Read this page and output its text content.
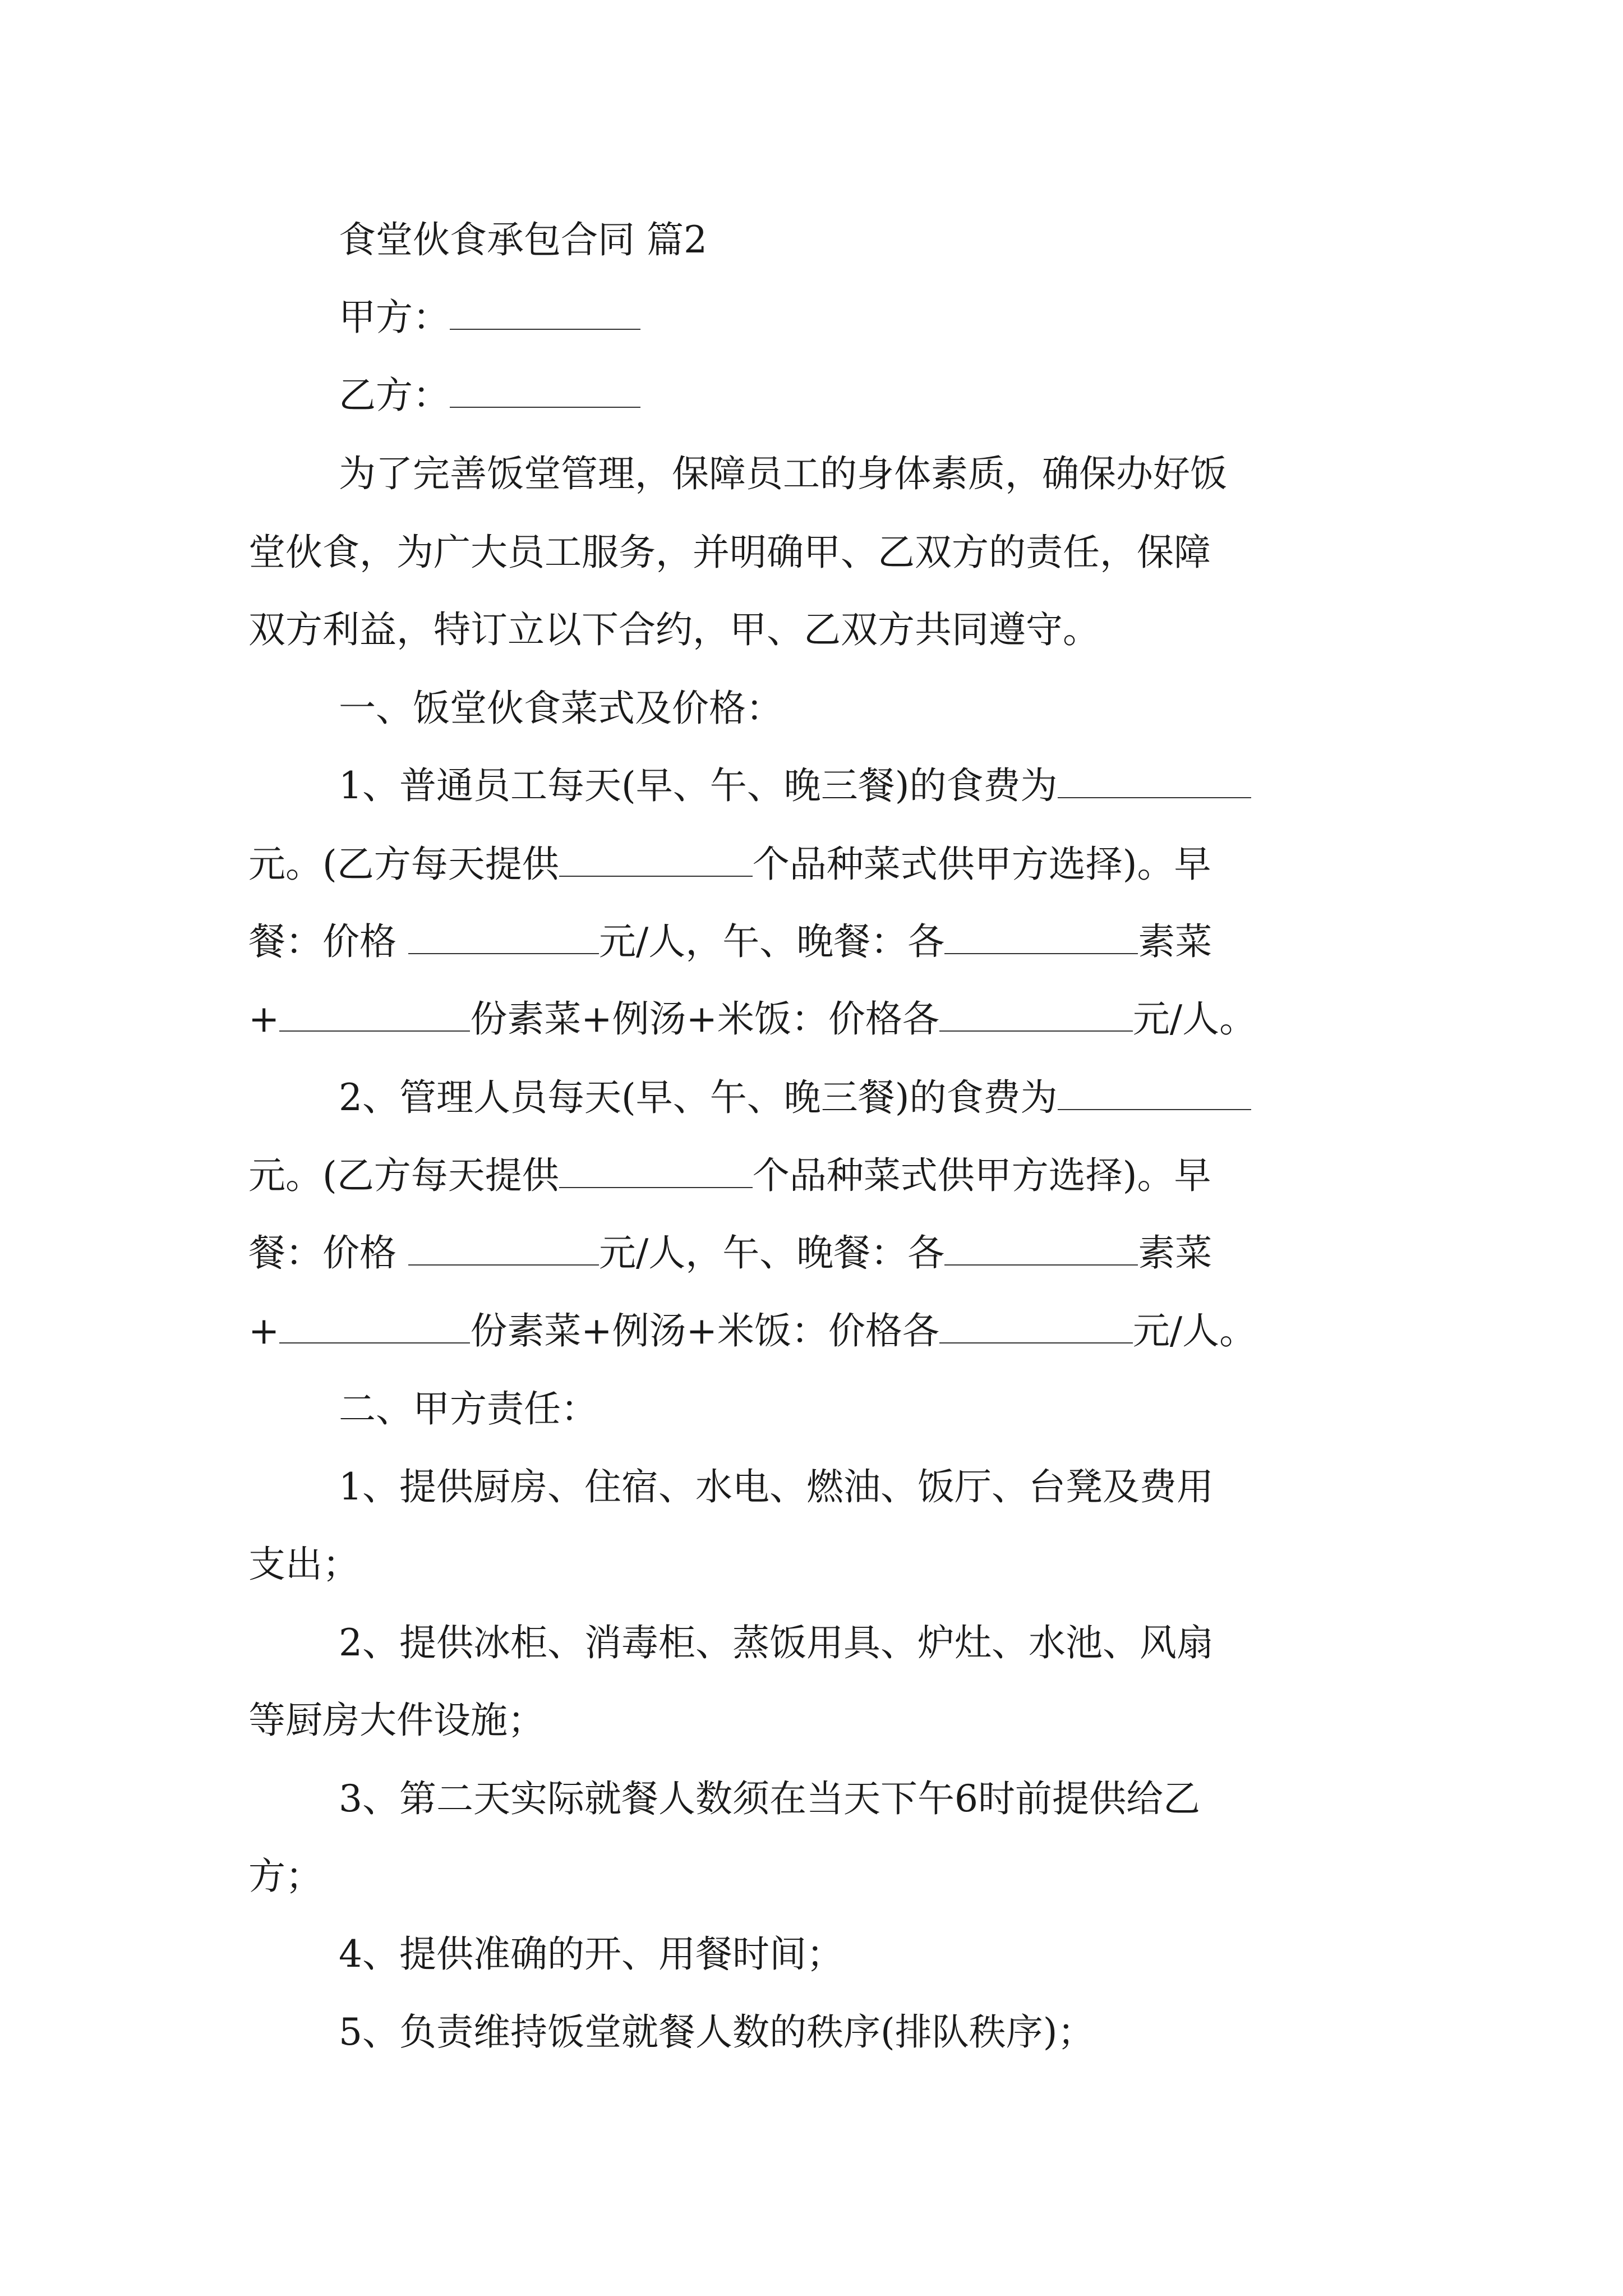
食堂伙食承包合同 篇2

甲方：

乙方：

为了完善饭堂管理，保障员工的身体素质，确保办好饭

堂伙食，为广大员工服务，并明确甲、乙双方的责任，保障

双方利益，特订立以下合约，甲、乙双方共同遵守。

一、饭堂伙食菜式及价格：

1、普通员工每天(早、午、晚三餐)的食费为

元。(乙方每天提供	个品种菜式供甲方选择)。早

餐：价格	元/人，午、晚餐：各	素菜

+	份素菜+例汤+米饭：价格各	元/人。

2、管理人员每天(早、午、晚三餐)的食费为

元。(乙方每天提供	个品种菜式供甲方选择)。早

餐：价格	元/人，午、晚餐：各	素菜

+	份素菜+例汤+米饭：价格各	元/人。

二、甲方责任：

1、提供厨房、住宿、水电、燃油、饭厅、台凳及费用

支出；

2、提供冰柜、消毒柜、蒸饭用具、炉灶、水池、风扇

等厨房大件设施；

3、第二天实际就餐人数须在当天下午6时前提供给乙

方；

4、提供准确的开、用餐时间；

5、负责维持饭堂就餐人数的秩序(排队秩序)；
